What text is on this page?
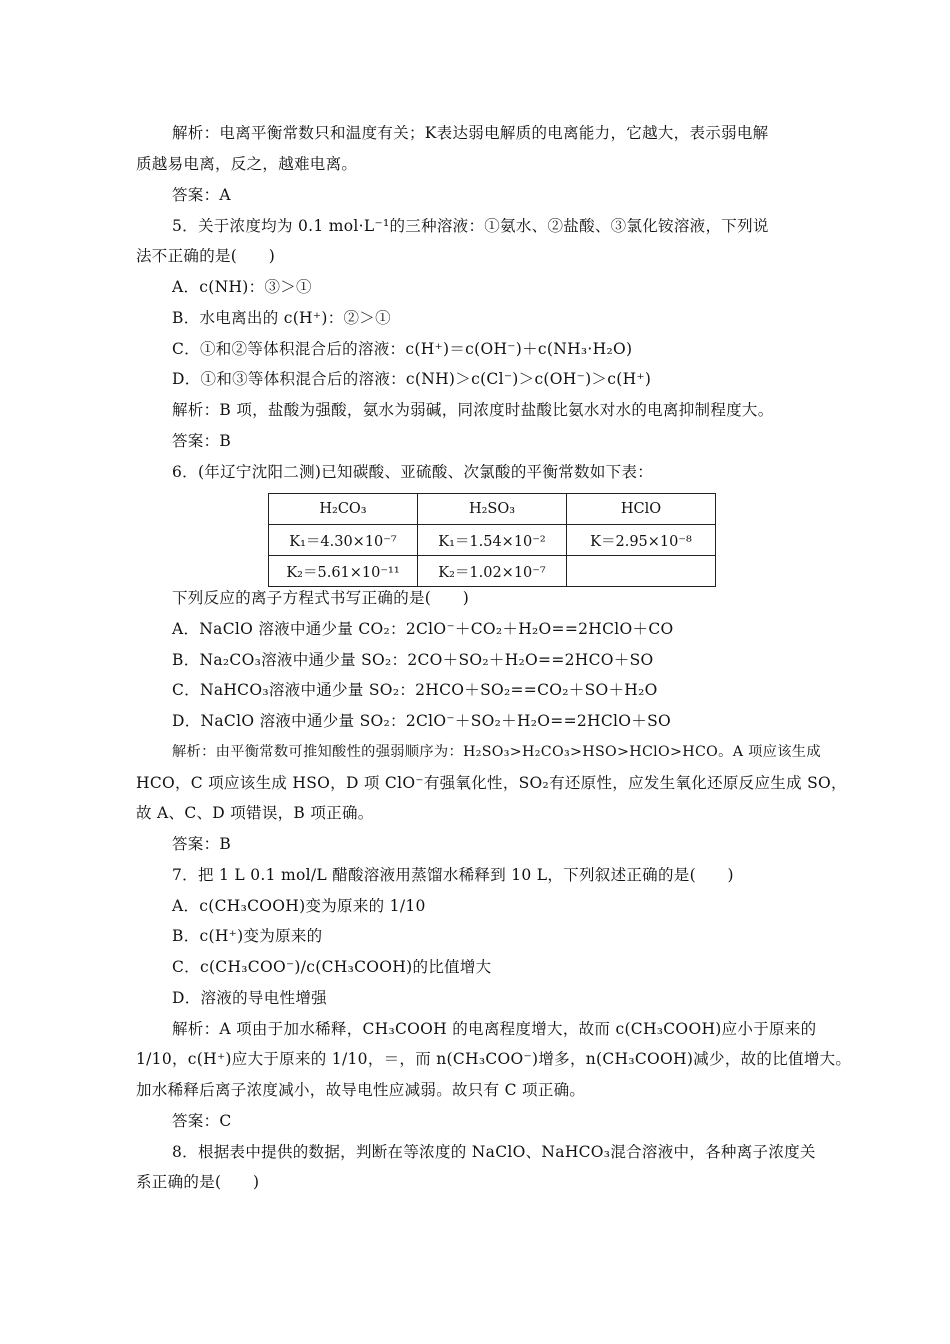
解析：电离平衡常数只和温度有关；K表达弱电解质的电离能力，它越大，表示弱电解
质越易电离，反之，越难电离。
答案：A
5．关于浓度均为 0.1 mol·L⁻¹的三种溶液：①氨水、②盐酸、③氯化铵溶液，下列说
法不正确的是(　　)
A．c(NH)：③＞①
B．水电离出的 c(H⁺)：②＞①
C．①和②等体积混合后的溶液：c(H⁺)＝c(OH⁻)＋c(NH₃·H₂O)
D．①和③等体积混合后的溶液：c(NH)＞c(Cl⁻)＞c(OH⁻)＞c(H⁺)
解析：B 项，盐酸为强酸，氨水为弱碱，同浓度时盐酸比氨水对水的电离抑制程度大。
答案：B
6．(年辽宁沈阳二测)已知碳酸、亚硫酸、次氯酸的平衡常数如下表：
H₂CO₃	H₂SO₃	HClO
K₁＝4.30×10⁻⁷	K₁＝1.54×10⁻²	K＝2.95×10⁻⁸
K₂＝5.61×10⁻¹¹	K₂＝1.02×10⁻⁷	
下列反应的离子方程式书写正确的是(　　)
A．NaClO 溶液中通少量 CO₂：2ClO⁻＋CO₂＋H₂O==2HClO＋CO
B．Na₂CO₃溶液中通少量 SO₂：2CO＋SO₂＋H₂O==2HCO＋SO
C．NaHCO₃溶液中通少量 SO₂：2HCO＋SO₂==CO₂＋SO＋H₂O
D．NaClO 溶液中通少量 SO₂：2ClO⁻＋SO₂＋H₂O==2HClO＋SO
解析：由平衡常数可推知酸性的强弱顺序为：H₂SO₃>H₂CO₃>HSO>HClO>HCO。A 项应该生成
HCO，C 项应该生成 HSO，D 项 ClO⁻有强氧化性，SO₂有还原性，应发生氧化还原反应生成 SO，
故 A、C、D 项错误，B 项正确。
答案：B
7．把 1 L 0.1 mol/L 醋酸溶液用蒸馏水稀释到 10 L，下列叙述正确的是(　　)
A．c(CH₃COOH)变为原来的 1/10
B．c(H⁺)变为原来的
C．c(CH₃COO⁻)/c(CH₃COOH)的比值增大
D．溶液的导电性增强
解析：A 项由于加水稀释，CH₃COOH 的电离程度增大，故而 c(CH₃COOH)应小于原来的
1/10，c(H⁺)应大于原来的 1/10，＝，而 n(CH₃COO⁻)增多，n(CH₃COOH)减少，故的比值增大。
加水稀释后离子浓度减小，故导电性应减弱。故只有 C 项正确。
答案：C
8．根据表中提供的数据，判断在等浓度的 NaClO、NaHCO₃混合溶液中，各种离子浓度关
系正确的是(　　)
